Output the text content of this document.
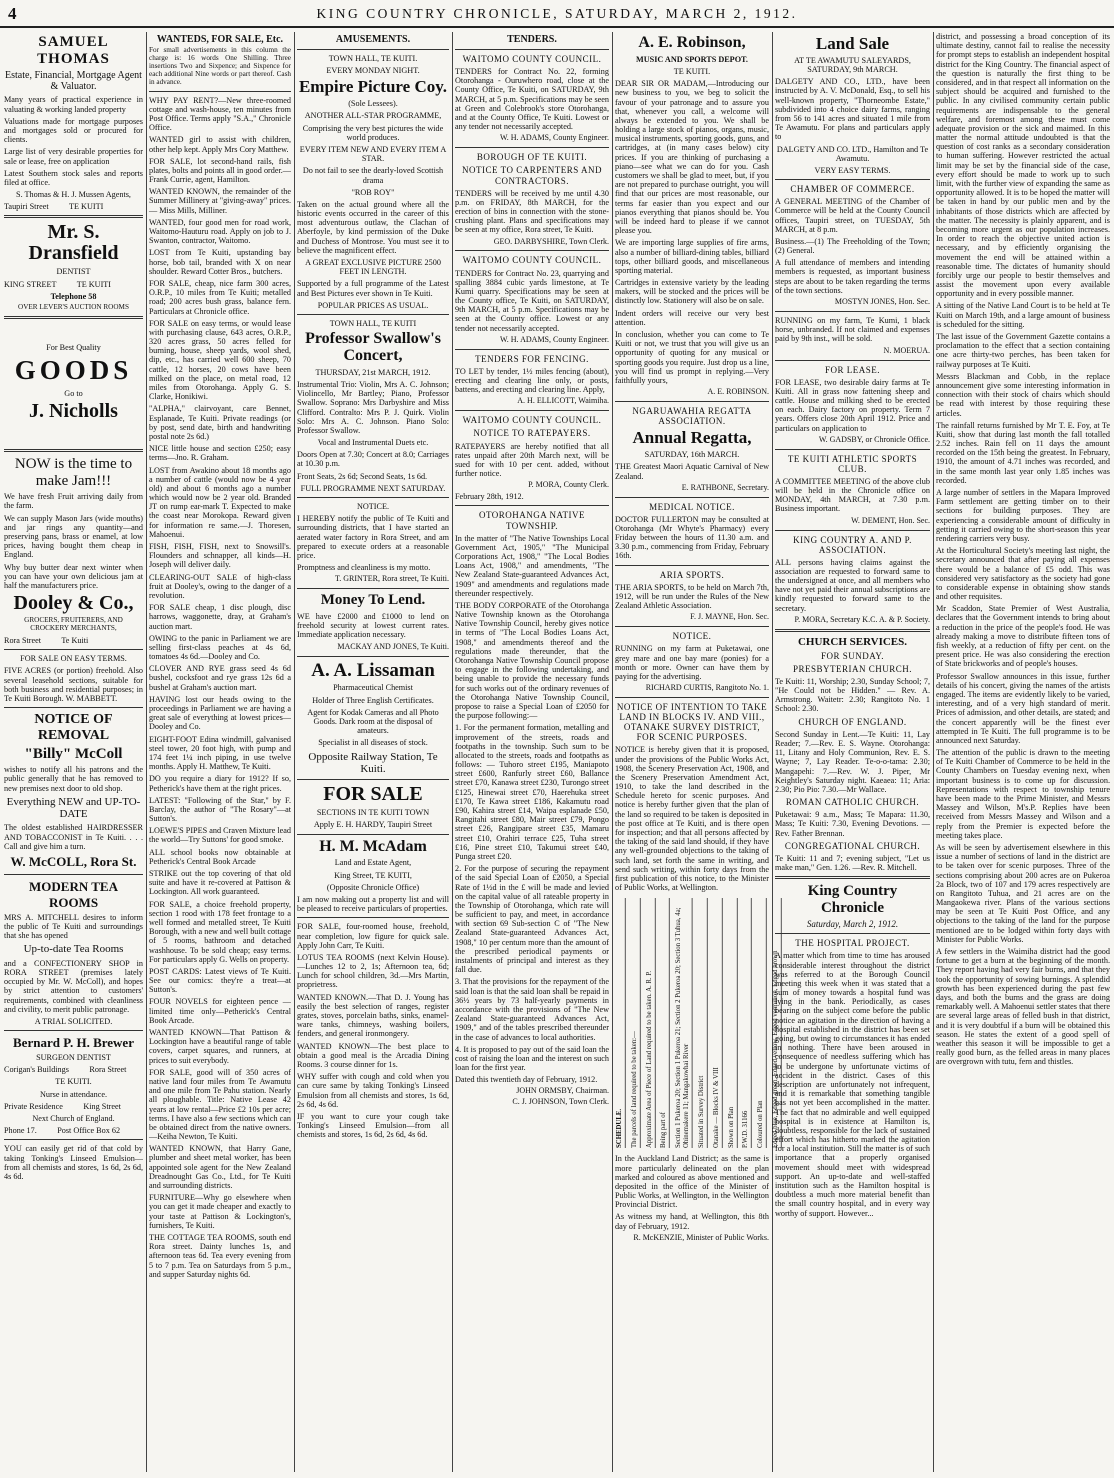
4	KING COUNTRY CHRONICLE, SATURDAY, MARCH 2, 1912.
SAMUEL THOMAS

Estate, Financial, Mortgage Agent & Valuator.

Many years of practical experience in valuating & working landed property

Valuations made for mortgage purposes and mortgages sold or procured for clients.

Large list of very desirable properties for sale or lease, free on application

Latest Southern stock sales and reports filed at office.

S. Thomas & H. J. Mussen Agents,

Taupiri Street          TE KUITI

Mr. S. Dransfield

DENTIST

KING STREET          TE KUITI

Telephone 58

OVER LEVER'S AUCTION ROOMS

For Best Quality

GOODS

Go to

J. Nicholls
NOW is the time to make Jam!!!

We have fresh Fruit arriving daily from the farm.

We can supply Mason Jars (wide mouths) and jar rings any quantity—and preserving pans, brass or enamel, at low prices, having bought them cheap in England.

Why buy butter dear next winter when you can have your own delicious jam at half the manufacturers price.

Dooley & Co.,

GROCERS, FRUITERERS, AND CROCKERY MERCHANTS,

Rora Street          Te Kuiti

FOR SALE ON EASY TERMS.

FIVE ACRES (or portion) freehold. Also several leasehold sections, suitable for both business and residential purposes; in Te Kuiti Borough. W. MABBETT.

NOTICE OF REMOVAL
"Billy" McColl

wishes to notify all his patrons and the public generally that he has removed to new premises next door to old shop.

Everything NEW and UP-TO-DATE

The oldest established HAIRDRESSER AND TOBACCONIST in Te Kuiti. . . . Call and give him a turn.

W. McCOLL, Rora St.
MODERN TEA ROOMS

MRS A. MITCHELL desires to inform the public of Te Kuiti and surroundings that she has opened

Up-to-date Tea Rooms

and a CONFECTIONERY SHOP in RORA STREET (premises lately occupied by Mr. W. McColl), and hopes by strict attention to customers' requirements, combined with cleanliness and civility, to merit public patronage.

A TRIAL SOLICITED.

Bernard P. H. Brewer

SURGEON DENTIST

Corigan's Buildings          Rora Street

TE KUITI.

Nurse in attendance.

Private Residence          King Street

Next Church of England.

Phone 17.          Post Office Box 62

YOU can easily get rid of that cold by taking Tonking's Linseed Emulsion—from all chemists and stores, 1s 6d, 2s 6d, 4s 6d.

WANTEDS, FOR SALE, Etc.

For small advertisements in this column the charge is: 16 words One Shilling. Three insertions Two and Sixpence; and Sixpence for each additional Nine words or part thereof. Cash in advance.

WHY PAY RENT?—New three-roomed cottage and wash-house, ten minutes from Post Office. Terms apply "S.A.," Chronicle Office.

WANTED girl to assist with children, other help kept. Apply Mrs Cory Matthew.

FOR SALE, lot second-hand rails, fish plates, bolts and points all in good order.—Frank Currie, agent, Hamilton.

WANTED KNOWN, the remainder of the Summer Millinery at "giving-away" prices. — Miss Mills, Milliner.

WANTED, four good men for road work, Waitomo-Hauturu road. Apply on job to J. Swanton, contractor, Waitomo.

LOST from Te Kuiti, upstanding bay horse, bob tail, branded with X on near shoulder. Reward Cotter Bros., butchers.

FOR SALE, cheap, nice farm 300 acres, O.R.P., 10 miles from Te Kuiti; metalled road; 200 acres bush grass, balance fern. Particulars at Chronicle office.

FOR SALE on easy terms, or would lease with purchasing clause, 643 acres, O.R.P., 320 acres grass, 50 acres felled for burning, house, sheep yards, wool shed, dip, etc., has carried well 600 sheep, 70 cattle, 12 horses, 20 cows have been milked on the place, on metal road, 12 miles from Otorohanga. Apply G. S. Clarke, Honikiwi.

"ALPHA," clairvoyant, care Bennet, Esplanade, Te Kuiti. Private readings (or by post, send date, birth and handwriting postal note 2s 6d.)

NICE little house and section £250; easy terms—Jno. R. Graham.

LOST from Awakino about 18 months ago a number of cattle (would now be 4 year old) and about 6 months ago a number which would now be 2 year old. Branded JT on rump ear-mark T. Expected to make the coast near Morokopa. Reward given for information re same.—J. Thoresen, Mahoenui.

FISH, FISH, FISH, next to Snowsill's. Flounders and schnapper, all kinds—H. Joseph will deliver daily.

CLEARING-OUT SALE of high-class fruit at Dooley's, owing to the danger of a revolution.

FOR SALE cheap, 1 disc plough, disc harrows, waggonette, dray, at Graham's auction mart.

OWING to the panic in Parliament we are selling first-class peaches at 4s 6d, tomatoes 4s 6d.—Dooley and Co.

CLOVER AND RYE grass seed 4s 6d bushel, cocksfoot and rye grass 12s 6d a bushel at Graham's auction mart.

HAVING lost our heads owing to the proceedings in Parliament we are having a great sale of everything at lowest prices—Dooley and Co.

EIGHT-FOOT Edina windmill, galvanised steel tower, 20 foot high, with pump and 174 feet 1¼ inch piping, in use twelve months. Apply H. Matthew, Te Kuiti.

DO you require a diary for 1912? If so, Petherick's have them at the right prices.

LATEST: "Following of the Star," by F. Barclay, the author of "The Rosary"—at Sutton's.

LOEWE'S PIPES and Craven Mixture lead the world—Try Suttons' for good smoke.

ALL school books now obtainable at Petherick's Central Book Arcade

STRIKE out the top covering of that old suite and have it re-covered at Pattison & Lockington. All work guaranteed.

FOR SALE, a choice freehold property, section 1 rood with 178 feet frontage to a well formed and metalled street, Te Kuiti Borough, with a new and well built cottage of 5 rooms, bathroom and detached washhouse. To be sold cheap; easy terms. For particulars apply G. Wells on property.

POST CARDS: Latest views of Te Kuiti. See our comics: they're a treat—at Sutton's.

FOUR NOVELS for eighteen pence —limited time only—Petherick's Central Book Arcade.

WANTED KNOWN—That Pattison & Lockington have a beautiful range of table covers, carpet squares, and runners, at prices to suit everybody.

FOR SALE, good will of 350 acres of native land four miles from Te Awamutu and one mile from Te Pahu station. Nearly all ploughable. Title: Native Lease 42 years at low rental—Price £2 10s per acre; terms. I have also a few sections which can be obtained direct from the native owners.—Keiha Newton, Te Kuiti.

WANTED KNOWN, that Harry Gane, plumber and sheet metal worker, has been appointed sole agent for the New Zealand Dreadnought Gas Co., Ltd., for Te Kuiti and surrounding districts.

FURNITURE—Why go elsewhere when you can get it made cheaper and exactly to your taste at Pattison & Lockington's, furnishers, Te Kuiti.

THE COTTAGE TEA ROOMS, south end Rora street. Dainty lunches 1s, and afternoon teas 6d. Tea every evening from 5 to 7 p.m. Tea on Saturdays from 5 p.m., and supper Saturday nights 6d.

AMUSEMENTS.

TOWN HALL, TE KUITI.

EVERY MONDAY NIGHT.

Empire Picture Coy.

(Sole Lessees).

ANOTHER ALL-STAR PROGRAMME,

Comprising the very best pictures the wide world produces.

EVERY ITEM NEW AND EVERY ITEM A STAR.

Do not fail to see the dearly-loved Scottish drama

"ROB ROY"

Taken on the actual ground where all the historic events occurred in the career of this most adventurous outlaw, the Clachan of Aberfoyle, by kind permission of the Duke and Duchess of Montrose. You must see it to believe the magnificent effect.

A GREAT EXCLUSIVE PICTURE 2500 FEET IN LENGTH.

Supported by a full programme of the Latest and Best Pictures ever shown in Te Kuiti.

POPULAR PRICES AS USUAL.

TOWN HALL, TE KUITI

Professor Swallow's Concert,

THURSDAY, 21st MARCH, 1912.

Instrumental Trio: Violin, Mrs A. C. Johnson; Violincello, Mr Bartley; Piano, Professor Swallow. Soprano: Mrs Darbyshire and Miss Clifford. Contralto: Mrs P. J. Quirk. Violin Solo: Mrs A. C. Johnson. Piano Solo: Professor Swallow.

Vocal and Instrumental Duets etc.

Doors Open at 7.30; Concert at 8.0; Carriages at 10.30 p.m.

Front Seats, 2s 6d; Second Seats, 1s 6d.

FULL PROGRAMME NEXT SATURDAY.

NOTICE.

I HEREBY notify the public of Te Kuiti and surrounding districts, that I have started an aerated water factory in Rora Street, and am prepared to execute orders at a reasonable price.

Promptness and cleanliness is my motto.

T. GRINTER, Rora street, Te Kuiti.

Money To Lend.

WE have £2000 and £1000 to lend on freehold security at lowest current rates. Immediate application necessary.

MACKAY AND JONES, Te Kuiti.

A. A. Lissaman

Pharmaceutical Chemist

Holder of Three English Certificates.

Agent for Kodak Cameras and all Photo Goods. Dark room at the disposal of amateurs.

Specialist in all diseases of stock.

Opposite Railway Station, Te Kuiti.

FOR SALE

SECTIONS IN TE KUITI TOWN

Apply E. H. HARDY, Taupiri Street

H. M. McAdam

Land and Estate Agent,

King Street, TE KUITI,

(Opposite Chronicle Office)

I am now making out a property list and will be pleased to receive particulars of properties.

FOR SALE, four-roomed house, freehold, near completion, low figure for quick sale. Apply John Carr, Te Kuiti.

LOTUS TEA ROOMS (next Kelvin House).—Lunches 12 to 2, 1s; Afternoon tea, 6d; Lunch for school children, 3d.—Mrs Martin, proprietress.

WANTED KNOWN.—That D. J. Young has easily the best selection of ranges, register grates, stoves, porcelain baths, sinks, enamel-ware tanks, chimneys, washing boilers, fenders, and general ironmongery.

WANTED KNOWN—The best place to obtain a good meal is the Arcadia Dining Rooms. 3 course dinner for 1s.

WHY suffer with cough and cold when you can cure same by taking Tonking's Linseed Emulsion from all chemists and stores, 1s 6d, 2s 6d, 4s 6d.

IF you want to cure your cough take Tonking's Linseed Emulsion—from all chemists and stores, 1s 6d, 2s 6d, 4s 6d.

TENDERS.

WAITOMO COUNTY COUNCIL.

TENDERS for Contract No. 22, forming Otorohanga - Ouruwhero road, close at the County Office, Te Kuiti, on SATURDAY, 9th MARCH, at 5 p.m. Specifications may be seen at Green and Colebrook's store Otorohanga, and at the County Office, Te Kuiti. Lowest or any tender not necessarily accepted.

W. H. ADAMS, County Engineer.

BOROUGH OF TE KUITI.

NOTICE TO CARPENTERS AND CONTRACTORS.

TENDERS will be received by me until 4.30 p.m. on FRIDAY, 8th MARCH, for the erection of bins in connection with the stone-crushing plant. Plans and specifications may be seen at my office, Rora street, Te Kuiti.

GEO. DARBYSHIRE, Town Clerk.

WAITOMO COUNTY COUNCIL.

TENDERS for Contract No. 23, quarrying and spalling 3884 cubic yards limestone, at Te Kumi quarry. Specifications may be seen at the County office, Te Kuiti, on SATURDAY, 9th MARCH, at 5 p.m. Specifications may be seen at the County office. Lowest or any tender not necessarily accepted.

W. H. ADAMS, County Engineer.

TENDERS FOR FENCING.

TO LET by tender, 1½ miles fencing (about), erecting and clearing line only, or posts, battens, and erecting and clearing line. Apply,

A. H. ELLICOTT, Waimiha.

WAITOMO COUNTY COUNCIL.

NOTICE TO RATEPAYERS.

RATEPAYERS are hereby notified that all rates unpaid after 20th March next, will be sued for with 10 per cent. added, without further notice.

P. MORA, County Clerk.

February 28th, 1912.

OTOROHANGA NATIVE TOWNSHIP.

In the matter of "The Native Townships Local Government Act, 1905," "The Municipal Corporations Act, 1908," "The Local Bodies Loans Act, 1908," and amendments, "The New Zealand State-guaranteed Advances Act, 1909" and amendments and regulations made thereunder respectively.

THE BODY CORPORATE of the Otorohanga Native Township known as the Otorohanga Native Township Council, hereby gives notice in terms of "The Local Bodies Loans Act, 1908," and amendments thereof and the regulations made thereunder, that the Otorohanga Native Township Council propose to engage in the following undertaking, and being unable to provide the necessary funds for such works out of the ordinary revenues of the Otorohanga Native Township Council, propose to raise a Special Loan of £2050 for the purpose following:—

1. For the permanent formation, metalling and improvement of the streets, roads and footpaths in the township. Such sum to be allocated to the streets, roads and footpaths as follows: — Tuhoro street £195, Maniapoto street £600, Ranfurly street £60, Ballance street £70, Kanawa street £230, Turongo street £125, Hinewai street £70, Haerehuka street £170, Te Kawa street £186, Kakamutu road £90, Kahira street £14, Waipa esplanade £50, Rangitahi street £80, Mair street £79, Pongo street £26, Rangipare street £35, Mamaru street £10, Orahiri terrace £25, Tuha street £16, Pine street £10, Takumui street £40, Punga street £20.

2. For the purpose of securing the repayment of the said Special Loan of £2050, a Special Rate of 1½d in the £ will be made and levied on the capital value of all rateable property in the Township of Otorohanga, which rate will be sufficient to pay, and meet, in accordance with section 69 Sub-section C of "The New Zealand State-guaranteed Advances Act, 1908," 10 per centum more than the amount of the prescribed periodical payments or instalments of principal and interest as they fall due.

3. That the provisions for the repayment of the said loan is that the said loan shall be repaid in 36½ years by 73 half-yearly payments in accordance with the provisions of "The New Zealand State-guaranteed Advances Act, 1909," and of the tables prescribed thereunder in the case of advances to local authorities.

4. It is proposed to pay out of the said loan the cost of raising the loan and the interest on such loan for the first year.

Dated this twentieth day of February, 1912.

JOHN ORMSBY, Chairman.

C. J. JOHNSON, Town Clerk.

A. E. Robinson,

MUSIC AND SPORTS DEPOT.

TE KUITI.

DEAR SIR OR MADAM,—Introducing our new business to you, we beg to solicit the favour of your patronage and to assure you that, whenever you call, a welcome will always be extended to you. We shall be holding a large stock of pianos, organs, music, musical instruments, sporting goods, guns, and cartridges, at (in many cases below) city prices. If you are thinking of purchasing a piano—see what we can do for you. Cash customers we shall be glad to meet, but, if you are not prepared to purchase outright, you will find that our prices are most reasonable, our terms far easier than you expect and our pianos everything that pianos should be. You will be indeed hard to please if we cannot please you.

We are importing large supplies of fire arms, also a number of billiard-dining tables, billiard tops, other billiard goods, and miscellaneous sporting material.

Cartridges in extensive variety by the leading makers, will be stocked and the prices will be distinctly low. Stationery will also be on sale.

Indent orders will receive our very best attention.

In conclusion, whether you can come to Te Kuiti or not, we trust that you will give us an opportunity of quoting for any musical or sporting goods you require. Just drop us a line, you will find us prompt in replying.—Very faithfully yours,

A. E. ROBINSON.

NGARUAWAHIA REGATTA ASSOCIATION.

Annual Regatta,

SATURDAY, 16th MARCH.

THE Greatest Maori Aquatic Carnival of New Zealand.

E. RATHBONE, Secretary.

MEDICAL NOTICE.

DOCTOR FULLERTON may be consulted at Otorohanga (Mr Whyte's Pharmacy) every Friday between the hours of 11.30 a.m. and 3.30 p.m., commencing from Friday, February 16th.

ARIA SPORTS.

THE ARIA SPORTS, to be held on March 7th, 1912, will be run under the Rules of the New Zealand Athletic Association.

F. J. MAYNE, Hon. Sec.

NOTICE.

RUNNING on my farm at Puketawai, one grey mare and one bay mare (ponies) for a month or more. Owner can have them by paying for the advertising.

RICHARD CURTIS, Rangitoto No. 1.

NOTICE OF INTENTION TO TAKE LAND IN BLOCKS IV. AND VIII., OTANAKE SURVEY DISTRICT, FOR SCENIC PURPOSES.

NOTICE is hereby given that it is proposed, under the provisions of the Public Works Act, 1908, the Scenery Preservation Act, 1908, and the Scenery Preservation Amendment Act, 1910, to take the land described in the Schedule hereto for scenic purposes. And notice is hereby further given that the plan of the land so required to be taken is deposited in the post office at Te Kuiti, and is there open for inspection; and that all persons affected by the taking of the said land should, if they have any well-grounded objections to the taking of such land, set forth the same in writing, and send such writing, within forty days from the first publication of this notice, to the Minister of Public Works, at Wellington.

SCHEDULE.	The parcels of land required to be taken:—	Approximate Area of Piece of Land required to be taken. A. R. P.	Being part of	Section 1 Pukeroa 20; Section 1 Pukeroa 21; Section 2 Pukeroa 20; Section 3 Tuhua, 4a; Ohinemakere 11; Mangakowhai River	Situated in Survey District	Otanake — Blocks IV & VIII	Shown on Plan	P.W.D. 31166	Coloured on Plan	Edged blue, Edged green, Edged yellow, Edged vermilion, Edged brown

In the Auckland Land District; as the same is more particularly delineated on the plan marked and coloured as above mentioned and deposited in the office of the Minister of Public Works, at Wellington, in the Wellington Provincial District.

As witness my hand, at Wellington, this 8th day of February, 1912.

R. McKENZIE, Minister of Public Works.

Land Sale

AT TE AWAMUTU SALEYARDS, SATURDAY, 9th MARCH.

DALGETY AND CO., LTD., have been instructed by A. V. McDonald, Esq., to sell his well-known property, "Thorneombe Estate," subdivided into 4 choice dairy farms, ranging from 56 to 141 acres and situated 1 mile from Te Awamutu. For plans and particulars apply to

DALGETY AND CO. LTD., Hamilton and Te Awamutu.

VERY EASY TERMS.

CHAMBER OF COMMERCE.

A GENERAL MEETING of the Chamber of Commerce will be held at the County Council offices, Taupiri street, on TUESDAY, 5th MARCH, at 8 p.m.

Business.—(1) The Freeholding of the Town; (2) General.

A full attendance of members and intending members is requested, as important business steps are about to be taken regarding the terms of the town sections.

MOSTYN JONES, Hon. Sec.

RUNNING on my farm, Te Kumi, 1 black horse, unbranded. If not claimed and expenses paid by 9th inst., will be sold.

N. MOERUA.

FOR LEASE.

FOR LEASE, two desirable dairy farms at Te Kuiti. All in grass now fattening sheep and cattle. House and milking shed to be erected on each. Dairy factory on property. Term 7 years. Offers close 20th April 1912. Price and particulars on application to

W. GADSBY, or Chronicle Office.

TE KUITI ATHLETIC SPORTS CLUB.

A COMMITTEE MEETING of the above club will be held in the Chronicle office on MONDAY, 4th MARCH, at 7.30 p.m. Business important.

W. DEMENT, Hon. Sec.

KING COUNTRY A. AND P. ASSOCIATION.

ALL persons having claims against the association are requested to forward same to the undersigned at once, and all members who have not yet paid their annual subscriptions are kindly requested to forward same to the secretary.

P. MORA, Secretary K.C. A. & P. Society.

CHURCH SERVICES.

FOR SUNDAY.

PRESBYTERIAN CHURCH.

Te Kuiti: 11, Worship; 2.30, Sunday School; 7, "He Could not be Hidden." — Rev. A. Armstrong. Waitetr: 2.30; Rangitoto No. 1 School: 2.30.

CHURCH OF ENGLAND.

Second Sunday in Lent.—Te Kuiti: 11, Lay Reader; 7.—Rev. E. S. Wayne. Otorohanga: 11, Litany and Holy Communion, Rev. E. S. Wayne; 7, Lay Reader. Te-o-o-tama: 2.30; Mangapehi: 7.—Rev. W. J. Piper, Mr Keightley's Saturday night. Kaeaea: 11; Aria: 2.30; Pio Pio: 7.30.—Mr Wallace.

ROMAN CATHOLIC CHURCH.

Puketawai: 9 a.m., Mass; Te Mapara: 11.30, Mass; Te Kuiti: 7.30, Evening Devotions. — Rev. Father Brennan.

CONGREGATIONAL CHURCH.

Te Kuiti: 11 and 7; evening subject, "Let us make man," Gen. 1.26. —Rev. R. Mitchell.

King Country Chronicle

Saturday, March 2, 1912.

THE HOSPITAL PROJECT.

A matter which from time to time has aroused considerable interest throughout the district was referred to at the Borough Council meeting this week when it was stated that a sum of money towards a hospital fund was lying in the bank. Periodically, as cases bearing on the subject come before the public notice an agitation in the direction of having a hospital established in the district has been set going, but owing to circumstances it has ended in nothing. There have been aroused in consequence of needless suffering which has to be undergone by unfortunate victims of accident in the district. Cases of this description are unfortunately not infrequent, and it is remarkable that something tangible has not yet been accomplished in the matter. The fact that no admirable and well equipped hospital is in existence at Hamilton is, doubtless, responsible for the lack of sustained effort which has hitherto marked the agitation for a local institution. Still the matter is of such importance that a properly organised movement should meet with widespread support. An up-to-date and well-staffed institution such as the Hamilton hospital is doubtless a much more material benefit than the small country hospital, and in every way worthy of support. However...

district, and possessing a broad conception of its ultimate destiny, cannot fail to realise the necessity for prompt steps to establish an independent hospital district for the King Country. The financial aspect of the question is naturally the first thing to be considered, and in that respect all information on the subject should be acquired and furnished to the public. In any civilised community certain public requirements are indispensable to the general welfare, and foremost among these must come adequate provision or the sick and maimed. In this matter the normal attitude undoubted is that the question of cost ranks as a secondary consideration to human suffering. However restricted the actual limit may be set by the financial side of the case, every effort should be made to work up to such limit, with the further view of expanding the same as opportunity allowed. It is to be hoped the matter will be taken in hand by our public men and by the inhabitants of those districts which are affected by the matter. The necessity is plainly apparent, and is becoming more urgent as our population increases. In order to reach the objective united action is necessary, and by efficiently organising the movement the end will be attained within a reasonable time. The dictates of humanity should forcibly urge our people to bestir themselves and assist the movement upon every available opportunity and in every possible manner.

A sitting of the Native Land Court is to be held at Te Kuiti on March 19th, and a large amount of business is scheduled for the sitting.

The last issue of the Government Gazette contains a proclamation to the effect that a section containing one acre thirty-two perches, has been taken for railway purposes at Te Kuiti.

Messrs Blackman and Cobb, in the replace announcement give some interesting information in connection with their stock of chairs which should be read with interest by those requiring these articles.

The rainfall returns furnished by Mr T. E. Foy, at Te Kuiti, show that during last month the fall totalled 2.52 inches. Rain fell on 11 days the amount recorded on the 15th being the greatest. In February, 1910, the amount of 4.71 inches was recorded, and in the same month last year only 1.85 inches was recorded.

A large number of settlers in the Mapara Improved Farm settlement are getting timber on to their sections for building purposes. They are experiencing a considerable amount of difficulty in getting it carried owing to the short-season this year rendering carriers very busy.

At the Horticultural Society's meeting last night, the secretary announced that after paying all expenses there would be a balance of £5 odd. This was considered very satisfactory as the society had gone to considerable expense in obtaining show stands and other requisites.

Mr Scaddon, State Premier of West Australia, declares that the Government intends to bring about a reduction in the price of the people's food. He was already making a move to distribute fifteen tons of fish weekly, at a reduction of fifty per cent. on the present price. He was also considering the erection of State brickworks and of people's houses.

Professor Swallow announces in this issue, further details of his concert, giving the names of the artists engaged. The items are evidently likely to be varied, interesting, and of a very high standard of merit. Prices of admission, and other details, are stated; and the concert apparently will be the finest ever attempted in Te Kuiti. The full programme is to be announced next Saturday.

The attention of the public is drawn to the meeting of Te Kuiti Chamber of Commerce to be held in the County Chambers on Tuesday evening next, when important business is to come up for discussion. Representations with respect to township tenure have been made to the Prime Minister, and Messrs Massey and Wilson, M's.P. Replies have been received from Messrs Massey and Wilson and a reply from the Premier is expected before the meeting takes place.

As will be seen by advertisement elsewhere in this issue a number of sections of land in the district are to be taken over for scenic purposes. Three of the sections comprising about 200 acres are on Pukeroa 2a Block, two of 107 and 179 acres respectively are on Rangitoto Tuhua, and 21 acres are on the Mangaokewa river. Plans of the various sections may be seen at Te Kuiti Post Office, and any objections to the taking of the land for the purpose mentioned are to be lodged within forty days with Minister for Public Works.

A few settlers in the Waimiha district had the good fortune to get a burn at the beginning of the month. They report having had very fair burns, and that they took the opportunity of sowing burnings. A splendid growth has been experienced during the past few days, and both the burns and the grass are doing remarkably well. A Mahoenui settler states that there are several large areas of felled bush in that district, and it is very doubtful if a burn will be obtained this season. He states the extent of a good spell of weather this season it will be impossible to get a really good burn, as the felled areas in many places are overgrown with tutu, fern and thistles.
